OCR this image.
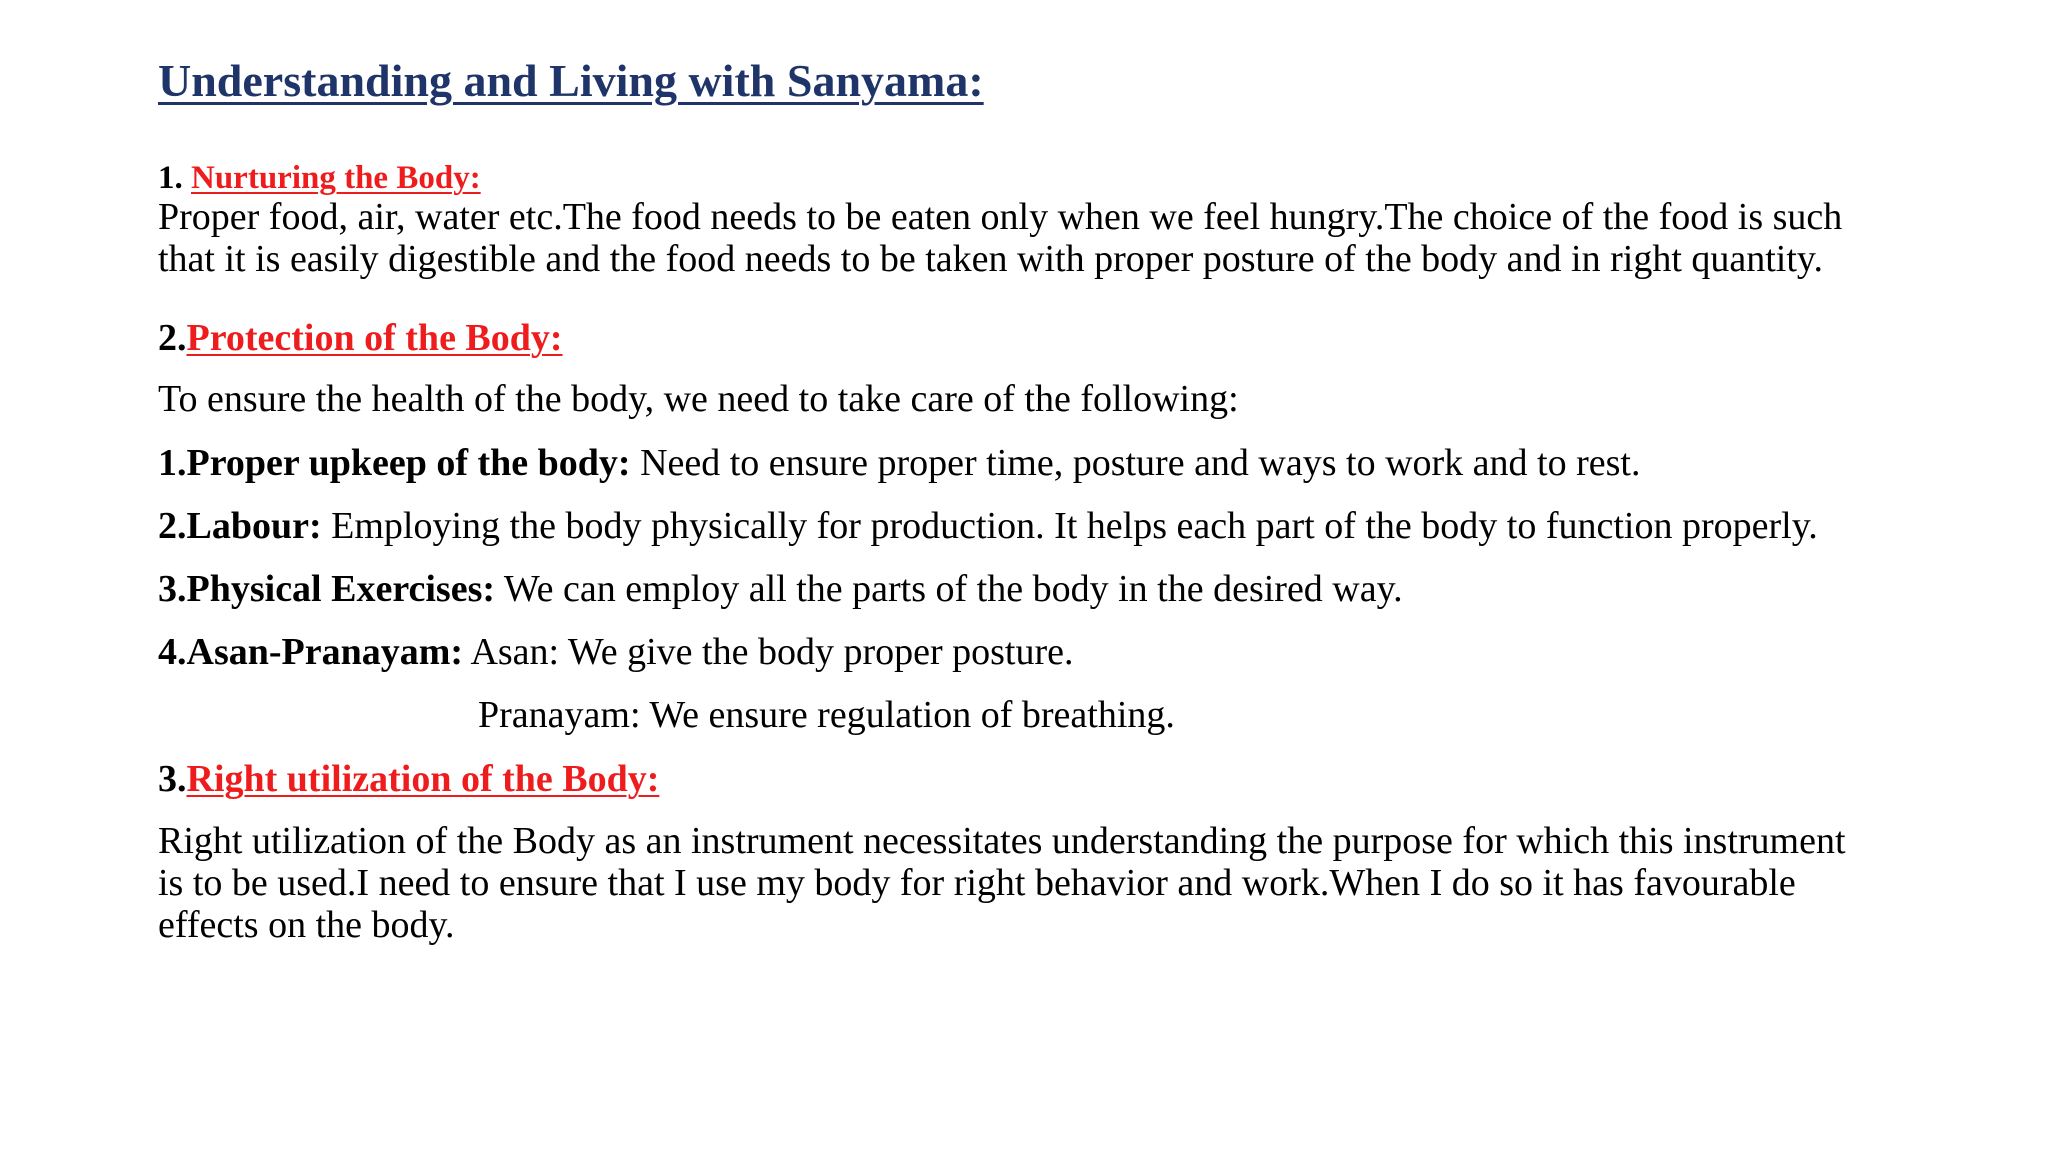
Understanding and Living with Sanyama:

1. Nurturing the Body:

Proper food, air, water etc.The food needs to be eaten only when we feel hungry.The choice of the food is such

that it is easily digestible and the food needs to be taken with proper posture of the body and in right quantity.

2.Protection of the Body:

To ensure the health of the body, we need to take care of the following:

1.Proper upkeep of the body: Need to ensure proper time, posture and ways to work and to rest.

2.Labour: Employing the body physically for production. It helps each part of the body to function properly.

3.Physical Exercises: We can employ all the parts of the body in the desired way.

4.Asan-Pranayam: Asan: We give the body proper posture.

Pranayam: We ensure regulation of breathing.

3.Right utilization of the Body:

Right utilization of the Body as an instrument necessitates understanding the purpose for which this instrument

is to be used.I need to ensure that I use my body for right behavior and work.When I do so it has favourable

effects on the body.
